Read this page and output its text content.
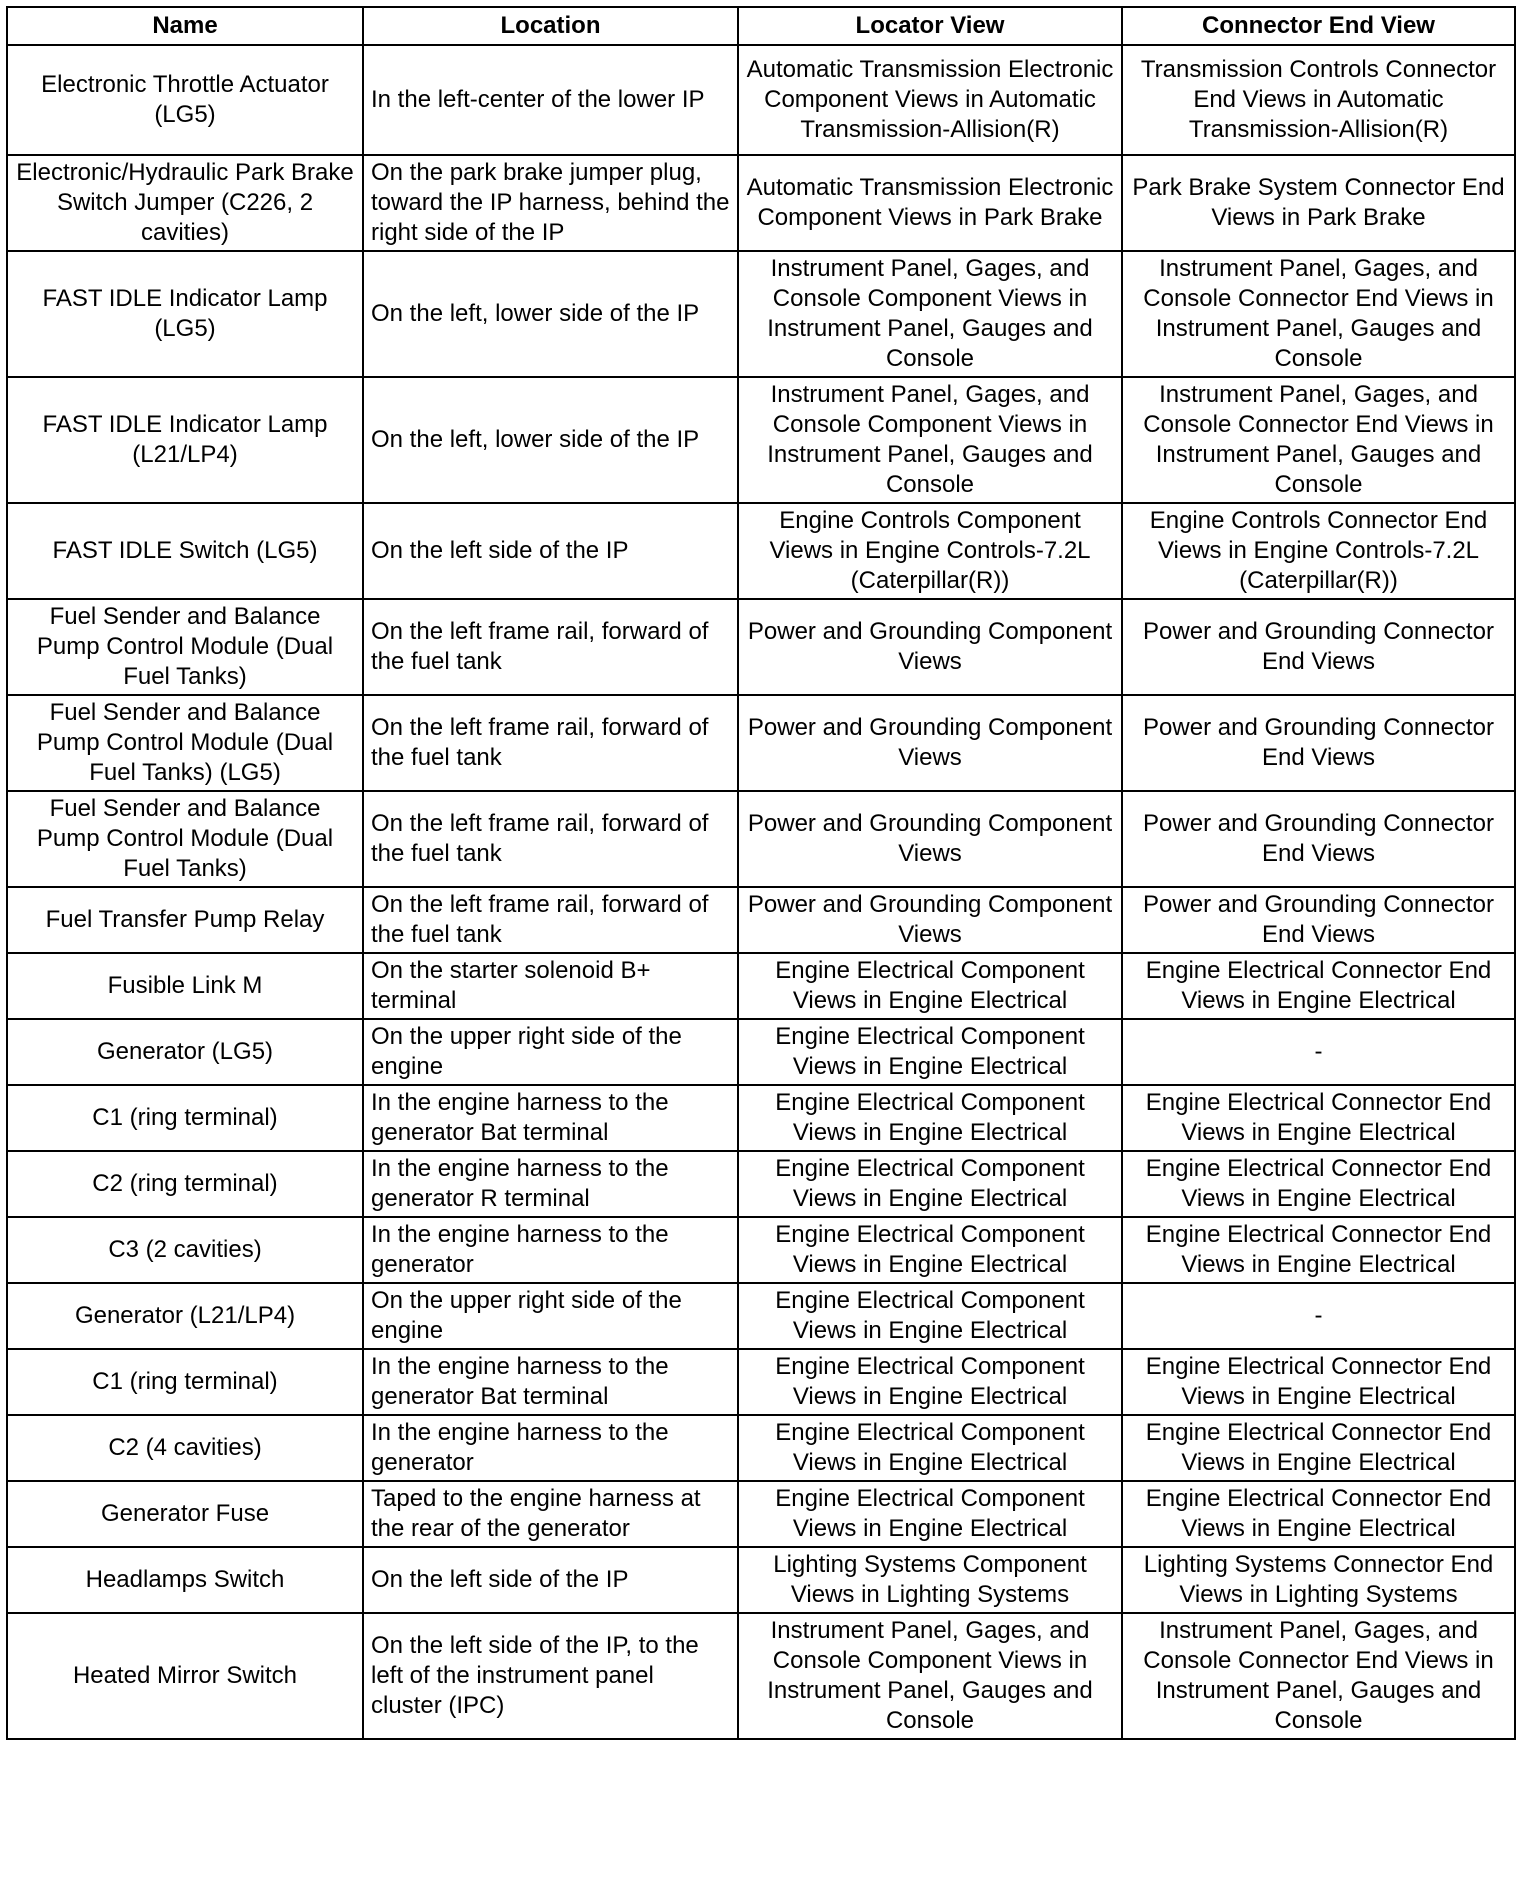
Name	Location	Locator View	Connector End View
Electronic Throttle Actuator (LG5)	In the left-center of the lower IP	Automatic Transmission Electronic Component Views in Automatic Transmission-Allision(R)	Transmission Controls Connector End Views in Automatic Transmission-Allision(R)
Electronic/Hydraulic Park Brake Switch Jumper (C226, 2 cavities)	On the park brake jumper plug, toward the IP harness, behind the right side of the IP	Automatic Transmission Electronic Component Views in Park Brake	Park Brake System Connector End Views in Park Brake
FAST IDLE Indicator Lamp (LG5)	On the left, lower side of the IP	Instrument Panel, Gages, and Console Component Views in Instrument Panel, Gauges and Console	Instrument Panel, Gages, and Console Connector End Views in Instrument Panel, Gauges and Console
FAST IDLE Indicator Lamp (L21/LP4)	On the left, lower side of the IP	Instrument Panel, Gages, and Console Component Views in Instrument Panel, Gauges and Console	Instrument Panel, Gages, and Console Connector End Views in Instrument Panel, Gauges and Console
FAST IDLE Switch (LG5)	On the left side of the IP	Engine Controls Component Views in Engine Controls-7.2L (Caterpillar(R))	Engine Controls Connector End Views in Engine Controls-7.2L (Caterpillar(R))
Fuel Sender and Balance Pump Control Module (Dual Fuel Tanks)	On the left frame rail, forward of the fuel tank	Power and Grounding Component Views	Power and Grounding Connector End Views
Fuel Sender and Balance Pump Control Module (Dual Fuel Tanks) (LG5)	On the left frame rail, forward of the fuel tank	Power and Grounding Component Views	Power and Grounding Connector End Views
Fuel Sender and Balance Pump Control Module (Dual Fuel Tanks)	On the left frame rail, forward of the fuel tank	Power and Grounding Component Views	Power and Grounding Connector End Views
Fuel Transfer Pump Relay	On the left frame rail, forward of the fuel tank	Power and Grounding Component Views	Power and Grounding Connector End Views
Fusible Link M	On the starter solenoid B+ terminal	Engine Electrical Component Views in Engine Electrical	Engine Electrical Connector End Views in Engine Electrical
Generator (LG5)	On the upper right side of the engine	Engine Electrical Component Views in Engine Electrical	-
C1 (ring terminal)	In the engine harness to the generator Bat terminal	Engine Electrical Component Views in Engine Electrical	Engine Electrical Connector End Views in Engine Electrical
C2 (ring terminal)	In the engine harness to the generator R terminal	Engine Electrical Component Views in Engine Electrical	Engine Electrical Connector End Views in Engine Electrical
C3 (2 cavities)	In the engine harness to the generator	Engine Electrical Component Views in Engine Electrical	Engine Electrical Connector End Views in Engine Electrical
Generator (L21/LP4)	On the upper right side of the engine	Engine Electrical Component Views in Engine Electrical	-
C1 (ring terminal)	In the engine harness to the generator Bat terminal	Engine Electrical Component Views in Engine Electrical	Engine Electrical Connector End Views in Engine Electrical
C2 (4 cavities)	In the engine harness to the generator	Engine Electrical Component Views in Engine Electrical	Engine Electrical Connector End Views in Engine Electrical
Generator Fuse	Taped to the engine harness at the rear of the generator	Engine Electrical Component Views in Engine Electrical	Engine Electrical Connector End Views in Engine Electrical
Headlamps Switch	On the left side of the IP	Lighting Systems Component Views in Lighting Systems	Lighting Systems Connector End Views in Lighting Systems
Heated Mirror Switch	On the left side of the IP, to the left of the instrument panel cluster (IPC)	Instrument Panel, Gages, and Console Component Views in Instrument Panel, Gauges and Console	Instrument Panel, Gages, and Console Connector End Views in Instrument Panel, Gauges and Console
